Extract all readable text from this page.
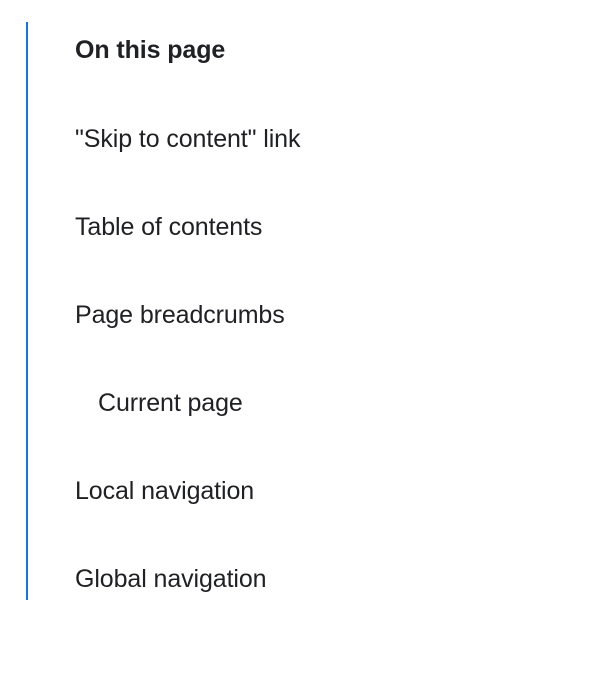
On this page
"Skip to content" link
Table of contents
Page breadcrumbs
Current page
Local navigation
Global navigation
